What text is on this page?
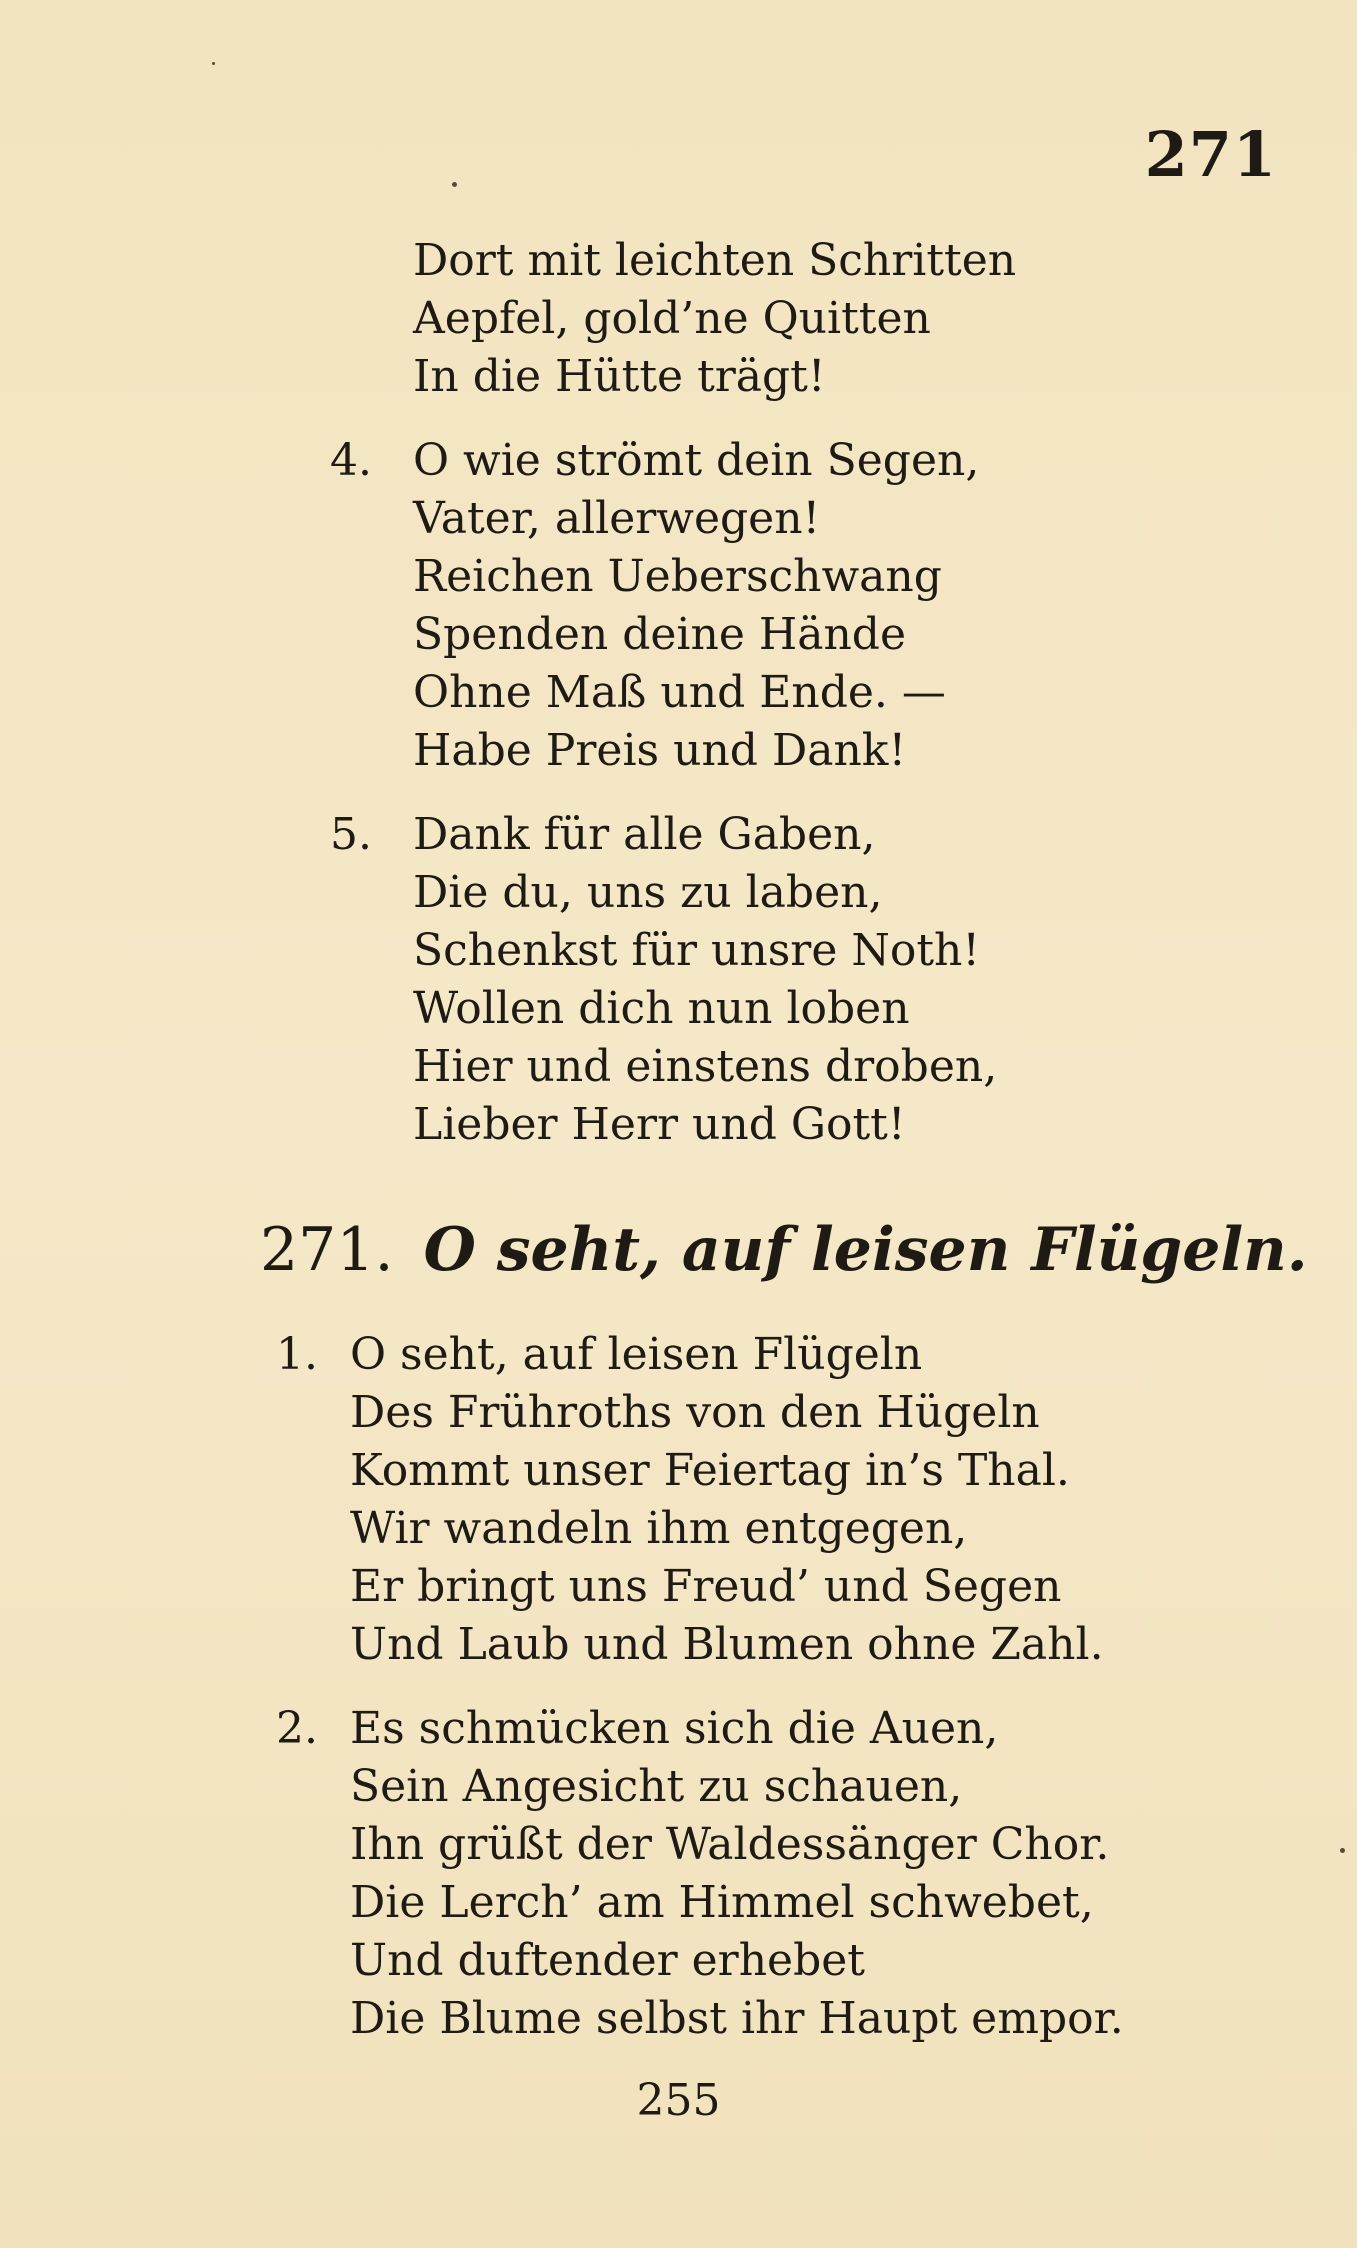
271
Dort mit leichten Schritten
Aepfel, gold’ne Quitten
In die Hütte trägt!
4. O wie strömt dein Segen,
Vater, allerwegen!
Reichen Ueberschwang
Spenden deine Hände
Ohne Maß und Ende. —
Habe Preis und Dank!
5. Dank für alle Gaben,
Die du, uns zu laben,
Schenkst für unsre Noth!
Wollen dich nun loben
Hier und einstens droben,
Lieber Herr und Gott!
271. O seht, auf leisen Flügeln.
1. O seht, auf leisen Flügeln
Des Frühroths von den Hügeln
Kommt unser Feiertag in’s Thal.
Wir wandeln ihm entgegen,
Er bringt uns Freud’ und Segen
Und Laub und Blumen ohne Zahl.
2. Es schmücken sich die Auen,
Sein Angesicht zu schauen,
Ihn grüßt der Waldessänger Chor.
Die Lerch’ am Himmel schwebet,
Und duftender erhebet
Die Blume selbst ihr Haupt empor.
255
